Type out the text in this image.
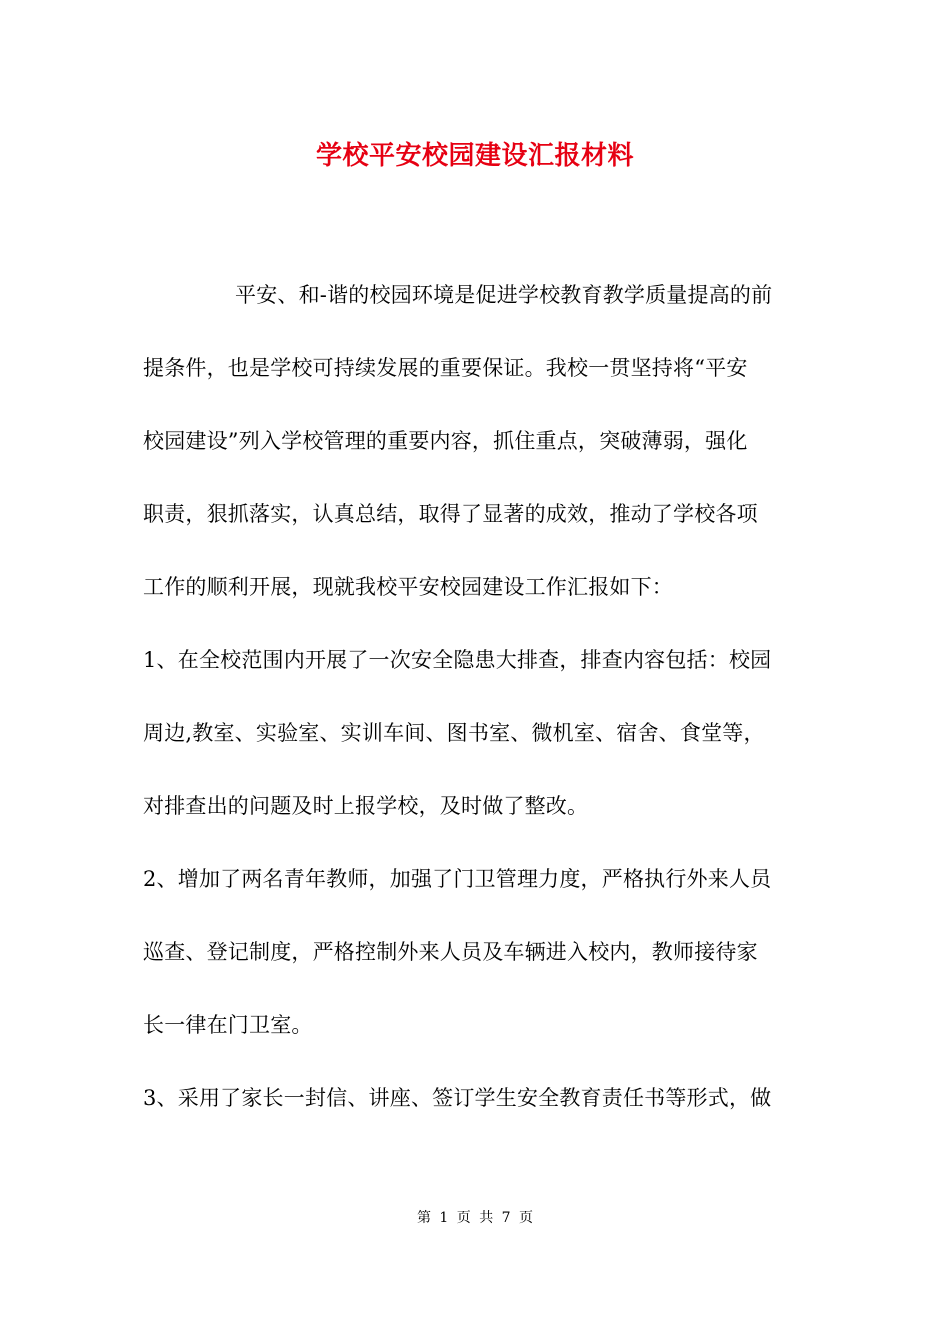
学校平安校园建设汇报材料
平安、和-谐的校园环境是促进学校教育教学质量提高的前
提条件，也是学校可持续发展的重要保证。我校一贯坚持将“平安
校园建设”列入学校管理的重要内容，抓住重点，突破薄弱，强化
职责，狠抓落实，认真总结，取得了显著的成效，推动了学校各项
工作的顺利开展，现就我校平安校园建设工作汇报如下：
1、在全校范围内开展了一次安全隐患大排查，排查内容包括：校园
周边,教室、实验室、实训车间、图书室、微机室、宿舍、食堂等，
对排查出的问题及时上报学校，及时做了整改。
2、增加了两名青年教师，加强了门卫管理力度，严格执行外来人员
巡查、登记制度，严格控制外来人员及车辆进入校内，教师接待家
长一律在门卫室。
3、采用了家长一封信、讲座、签订学生安全教育责任书等形式，做
第 1 页 共 7 页
